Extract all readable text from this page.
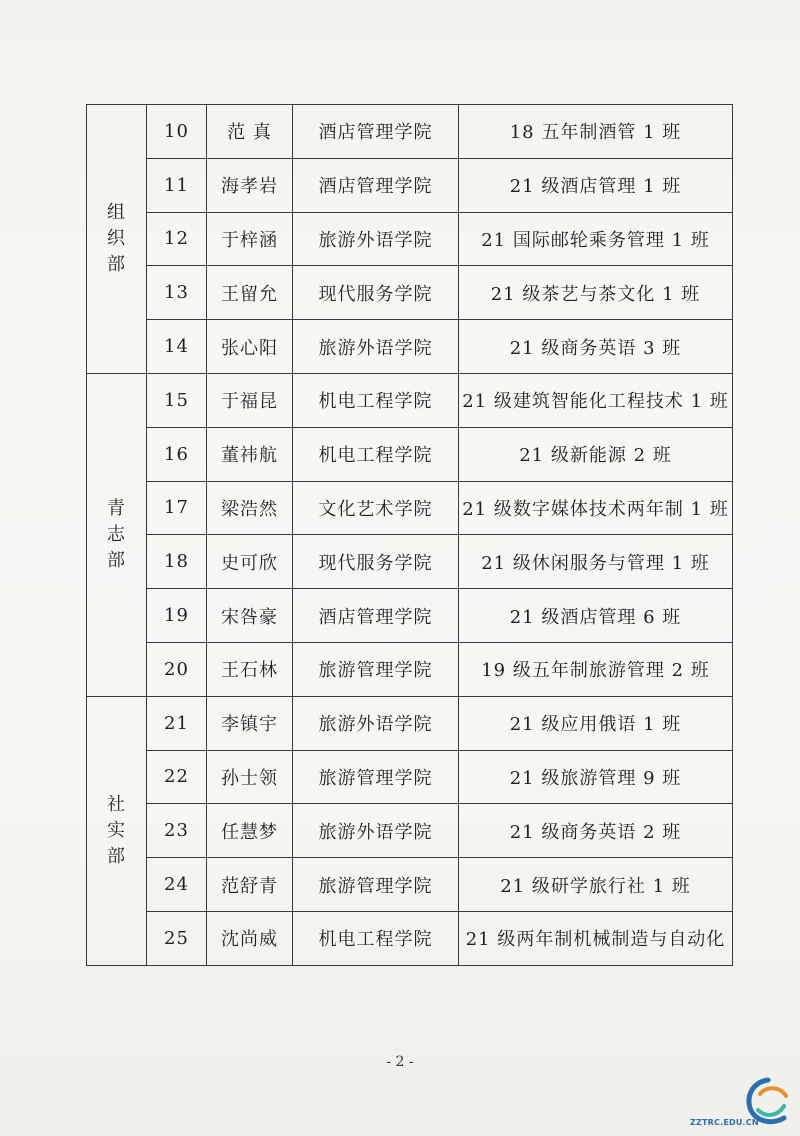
组织部	10	范 真	酒店管理学院	18 五年制酒管 1 班
	11	海孝岩	酒店管理学院	21 级酒店管理 1 班
	12	于梓涵	旅游外语学院	21 国际邮轮乘务管理 1 班
	13	王留允	现代服务学院	21 级茶艺与茶文化 1 班
	14	张心阳	旅游外语学院	21 级商务英语 3 班
青志部	15	于福昆	机电工程学院	21 级建筑智能化工程技术 1 班
	16	董祎航	机电工程学院	21 级新能源 2 班
	17	梁浩然	文化艺术学院	21 级数字媒体技术两年制 1 班
	18	史可欣	现代服务学院	21 级休闲服务与管理 1 班
	19	宋咎豪	酒店管理学院	21 级酒店管理 6 班
	20	王石林	旅游管理学院	19 级五年制旅游管理 2 班
社实部	21	李镇宇	旅游外语学院	21 级应用俄语 1 班
	22	孙士领	旅游管理学院	21 级旅游管理 9 班
	23	任慧梦	旅游外语学院	21 级商务英语 2 班
	24	范舒青	旅游管理学院	21 级研学旅行社 1 班
	25	沈尚威	机电工程学院	21 级两年制机械制造与自动化
- 2 -
ZZTRC.EDU.CN
